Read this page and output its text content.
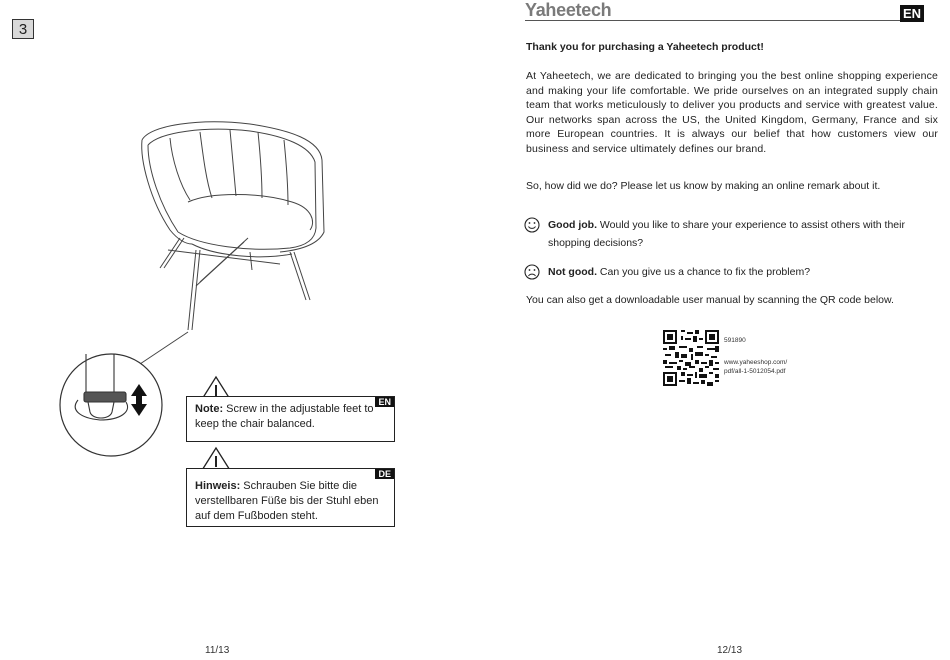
3
EN
Note: Screw in the adjustable feet to keep the chair balanced.
DE
Hinweis: Schrauben Sie bitte die verstellbaren Füße bis der Stuhl eben auf dem Fußboden steht.
11/13
Yaheetech	EN
Thank you for purchasing a Yaheetech product!
At Yaheetech, we are dedicated to bringing you the best online shopping experience and making your life comfortable. We pride ourselves on an integrated supply chain team that works meticulously to deliver you products and service with greatest value. Our networks span across the US, the United Kingdom, Germany, France and six more European countries. It is always our belief that how customers view our business and service ultimately defines our brand.
So, how did we do? Please let us know by making an online remark about it.
Good job. Would you like to share your experience to assist others with their shopping decisions?
Not good. Can you give us a chance to fix the problem?
You can also get a downloadable user manual by scanning the QR code below.
591890
www.yaheeshop.com/
pdf/all-1-5012054.pdf
12/13
